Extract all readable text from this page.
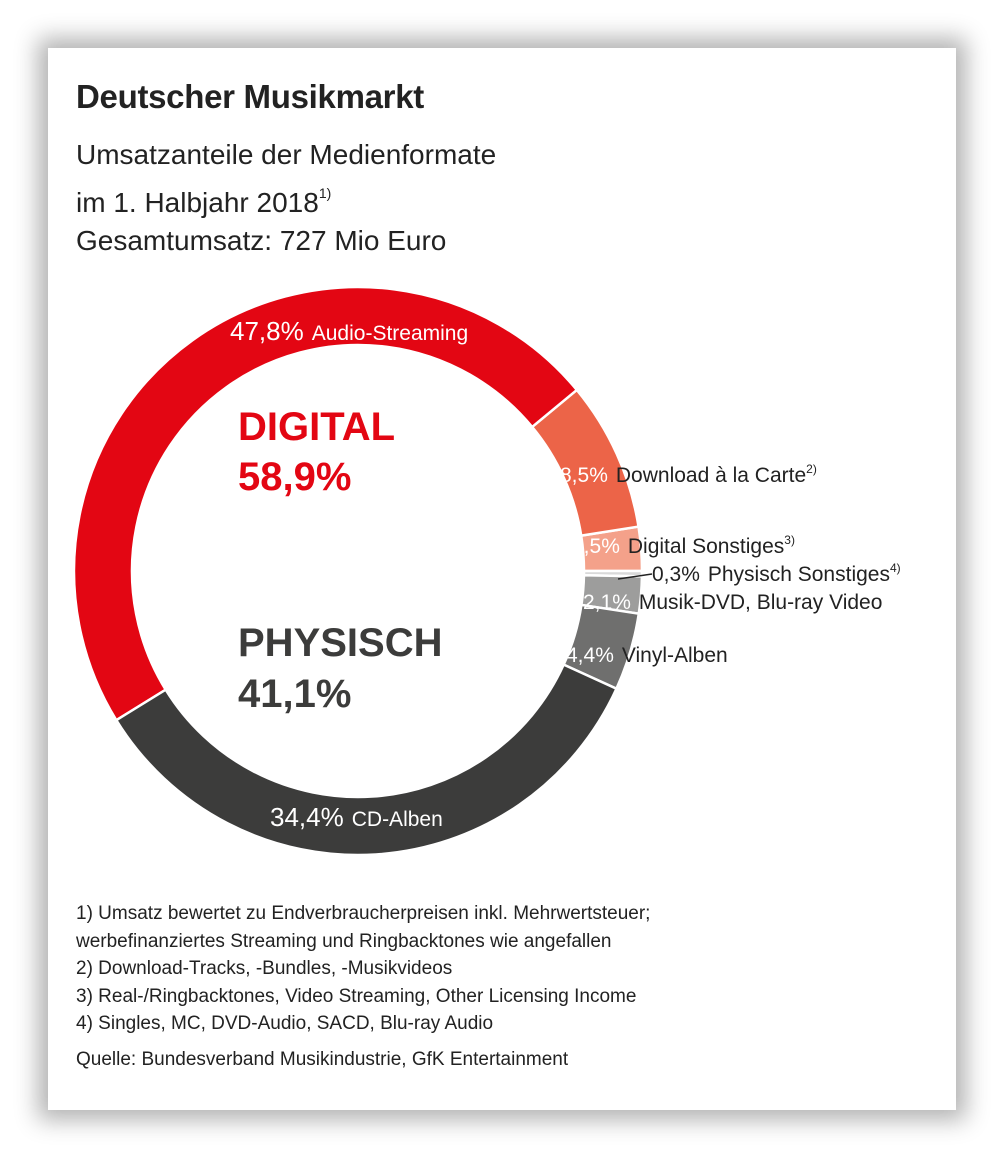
Deutscher Musikmarkt
Umsatzanteile der Medienformate
im 1. Halbjahr 2018$^{1)}$
Gesamtumsatz: 727 Mio Euro
47,8% Audio-Streaming
8,5% Download à la Carte$^{2)}$
2,5% Digital Sonstiges$^{3)}$
0,3% Physisch Sonstiges$^{4)}$
2,1% Musik-DVD, Blu-ray Video
4,4% Vinyl-Alben
34,4% CD-Alben
DIGITAL
58,9%
PHYSISCH
41,1%
1) Umsatz bewertet zu Endverbraucherpreisen inkl. Mehrwertsteuer;
werbefinanziertes Streaming und Ringbacktones wie angefallen
2) Download-Tracks, -Bundles, -Musikvideos
3) Real-/Ringbacktones, Video Streaming, Other Licensing Income
4) Singles, MC, DVD-Audio, SACD, Blu-ray Audio
Quelle: Bundesverband Musikindustrie, GfK Entertainment
